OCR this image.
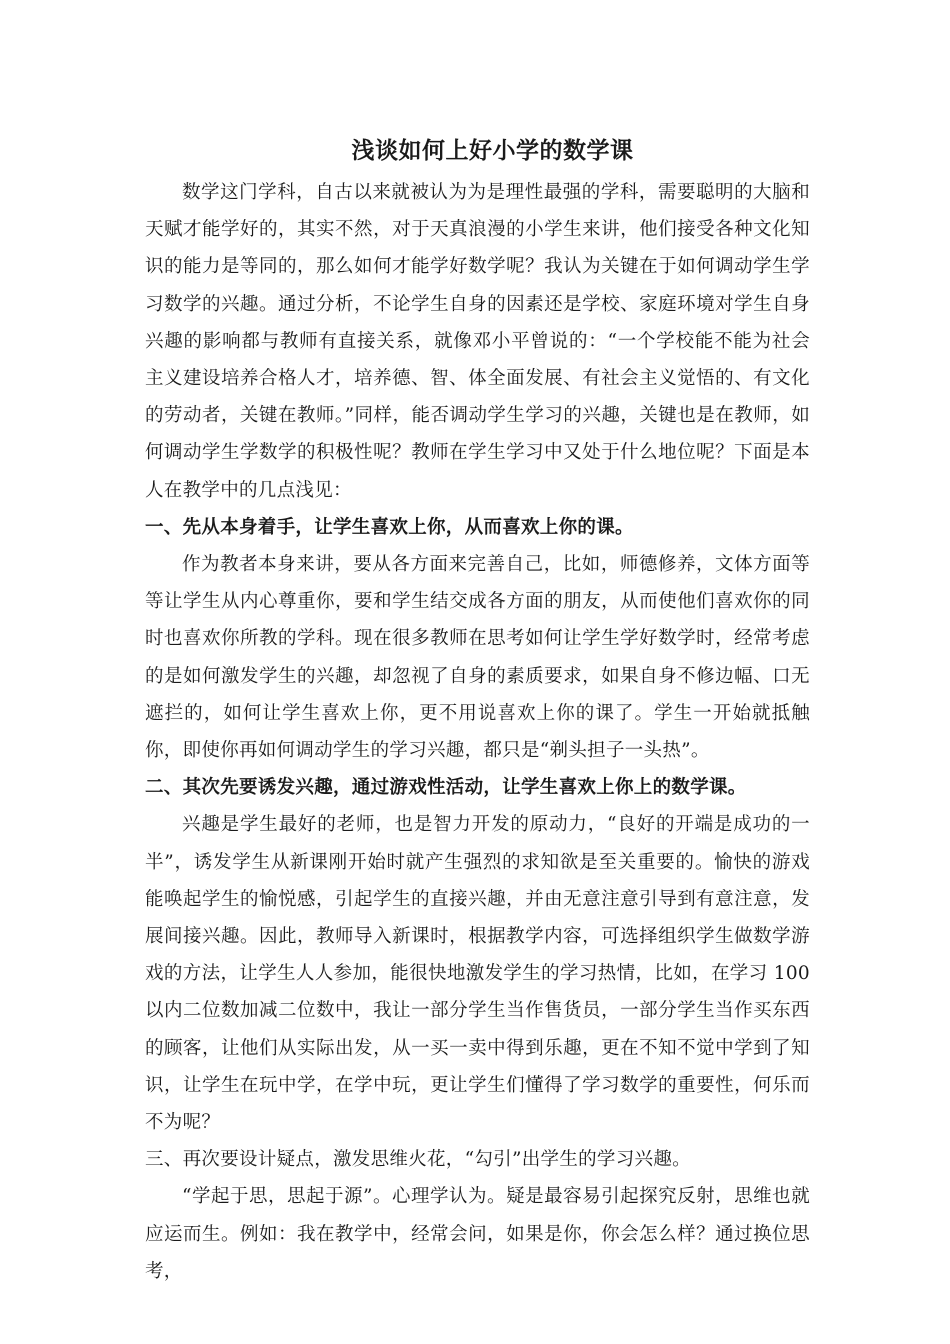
浅谈如何上好小学的数学课

数学这门学科，自古以来就被认为为是理性最强的学科，需要聪明的大脑和天赋才能学好的，其实不然，对于天真浪漫的小学生来讲，他们接受各种文化知识的能力是等同的，那么如何才能学好数学呢？我认为关键在于如何调动学生学习数学的兴趣。通过分析，不论学生自身的因素还是学校、家庭环境对学生自身兴趣的影响都与教师有直接关系，就像邓小平曾说的：“一个学校能不能为社会主义建设培养合格人才，培养德、智、体全面发展、有社会主义觉悟的、有文化的劳动者，关键在教师。”同样，能否调动学生学习的兴趣，关键也是在教师，如何调动学生学数学的积极性呢？教师在学生学习中又处于什么地位呢？下面是本人在教学中的几点浅见：

一、先从本身着手，让学生喜欢上你，从而喜欢上你的课。

作为教者本身来讲，要从各方面来完善自己，比如，师德修养，文体方面等等让学生从内心尊重你，要和学生结交成各方面的朋友，从而使他们喜欢你的同时也喜欢你所教的学科。现在很多教师在思考如何让学生学好数学时，经常考虑的是如何激发学生的兴趣，却忽视了自身的素质要求，如果自身不修边幅、口无遮拦的，如何让学生喜欢上你，更不用说喜欢上你的课了。学生一开始就抵触你，即使你再如何调动学生的学习兴趣，都只是“剃头担子一头热”。

二、其次先要诱发兴趣，通过游戏性活动，让学生喜欢上你上的数学课。

兴趣是学生最好的老师，也是智力开发的原动力，“良好的开端是成功的一半”，诱发学生从新课刚开始时就产生强烈的求知欲是至关重要的。愉快的游戏能唤起学生的愉悦感，引起学生的直接兴趣，并由无意注意引导到有意注意，发展间接兴趣。因此，教师导入新课时，根据教学内容，可选择组织学生做数学游戏的方法，让学生人人参加，能很快地激发学生的学习热情，比如，在学习 100 以内二位数加减二位数中，我让一部分学生当作售货员，一部分学生当作买东西的顾客，让他们从实际出发，从一买一卖中得到乐趣，更在不知不觉中学到了知识，让学生在玩中学，在学中玩，更让学生们懂得了学习数学的重要性，何乐而不为呢？

三、再次要设计疑点，激发思维火花，“勾引”出学生的学习兴趣。

“学起于思，思起于源”。心理学认为。疑是最容易引起探究反射，思维也就应运而生。例如：我在教学中，经常会问，如果是你，你会怎么样？通过换位思考，
